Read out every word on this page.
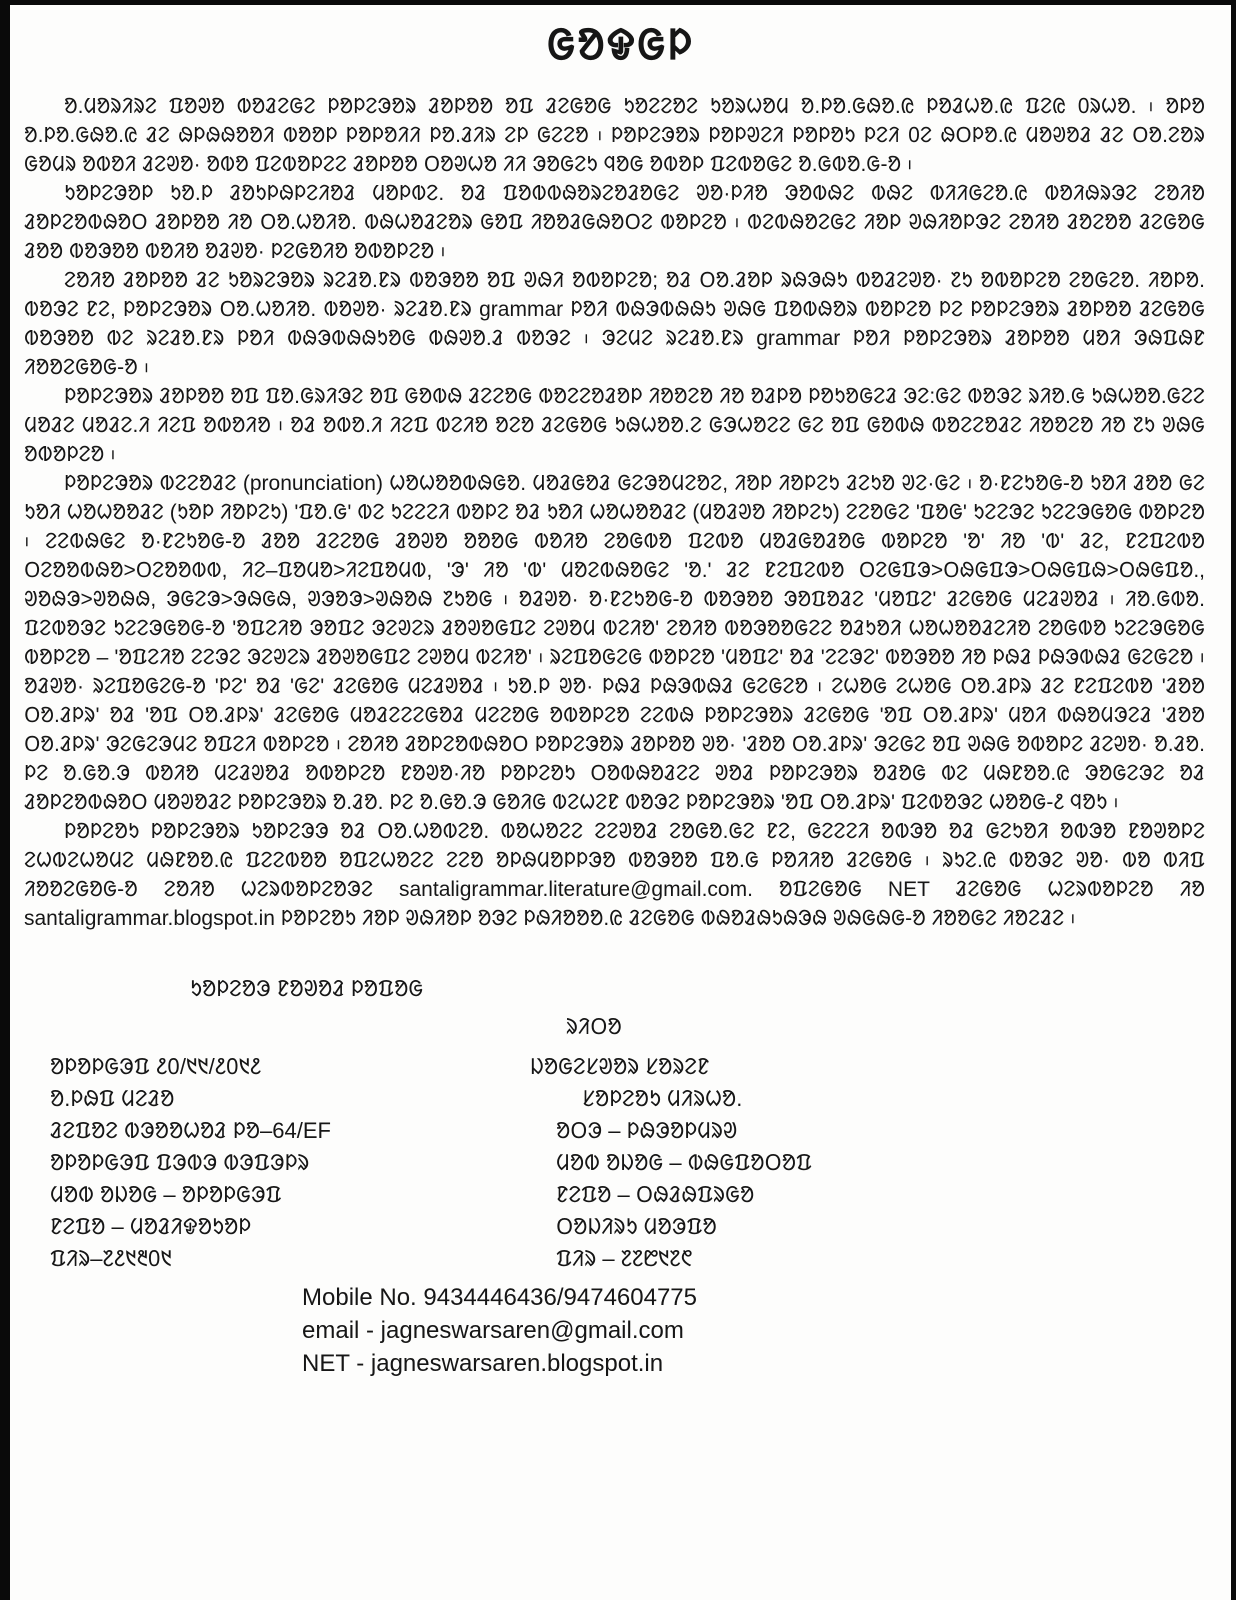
ᱜᱚᱫᱜᱞ

ᱚ.ᱢᱚᱨᱤᱨᱮ ᱯᱚᱣᱚ ᱵᱚᱲᱮᱜᱮ ᱞᱚᱞᱮᱳᱚᱨ ᱲᱚᱞᱚᱚ ᱚᱯ ᱲᱮᱜᱚᱜ ᱩᱚᱮᱮᱚᱮ ᱩᱚᱨᱦᱚᱢ ᱚ.ᱞᱚ.ᱜᱷᱚ.ᱭ ᱞᱚᱲᱦᱚ.ᱭ ᱯᱮᱭ ᱐ᱨᱦᱚ. ᱾ ᱚᱞᱚ ᱚ.ᱞᱚ.ᱜᱷᱚ.ᱭ ᱲᱮ ᱷᱞᱷᱷᱚᱚᱤ ᱵᱚᱚᱞ ᱞᱚᱞᱚᱤᱤ ᱞᱚ.ᱲᱤᱨ ᱮᱞ ᱜᱮᱮᱚ ᱾ ᱞᱚᱞᱮᱳᱚᱨ ᱞᱚᱞᱣᱮᱤ ᱞᱚᱞᱚᱩ ᱞᱮᱤ ᱐ᱮ ᱷᱛᱞᱚ.ᱭ ᱢᱚᱣᱚᱲ ᱲᱮ ᱛᱚ.ᱮᱚᱨ ᱜᱚᱢᱨ ᱚᱵᱚᱤ ᱲᱮᱣᱚ· ᱚᱵᱚ ᱯᱮᱵᱚᱞᱮᱮ ᱲᱚᱞᱚᱚ ᱛᱚᱣᱦᱚ ᱤᱤ ᱳᱚᱜᱮᱩ ᱧᱚᱜ ᱚᱵᱚᱞ ᱯᱮᱵᱚᱜᱮ ᱚ.ᱜᱵᱚ.ᱜ-ᱚ ᱾

ᱩᱚᱞᱮᱳᱚᱞ ᱩᱚ.ᱞ ᱲᱚᱩᱞᱷᱞᱮᱤᱚᱲ ᱢᱚᱞᱵᱮ. ᱚᱲ ᱯᱚᱵᱵᱷᱚᱨᱮᱚᱲᱚᱜᱮ ᱣᱚ·ᱞᱤᱚ ᱳᱚᱵᱷᱮ ᱵᱷᱮ ᱵᱤᱤᱜᱮᱚ.ᱭ ᱵᱚᱤᱷᱨᱳᱮ ᱮᱚᱤᱚ ᱲᱚᱞᱮᱚᱵᱷᱚᱛ ᱲᱚᱞᱚᱚ ᱤᱚ ᱛᱚ.ᱦᱚᱤᱚ. ᱵᱷᱦᱚᱲᱮᱚᱨ ᱜᱚᱯ ᱤᱚᱚᱲᱜᱷᱚᱛᱮ ᱵᱚᱞᱮᱚ ᱾ ᱵᱮᱵᱷᱚᱮᱜᱮ ᱤᱚᱞ ᱣᱷᱤᱚᱞᱳᱮ ᱮᱚᱤᱚ ᱲᱚᱮᱚᱚ ᱲᱮᱜᱚᱜ ᱲᱚᱚ ᱵᱚᱳᱚᱚ ᱵᱚᱤᱚ ᱚᱲᱣᱚ· ᱞᱮᱜᱚᱤᱚ ᱚᱵᱚᱞᱮᱚ ᱾

ᱮᱚᱤᱚ ᱲᱚᱞᱚᱚ ᱲᱮ ᱩᱚᱨᱮᱳᱚᱨ ᱨᱮᱲᱚ.ᱱᱨ ᱵᱚᱳᱚᱚ ᱚᱯ ᱣᱷᱤ ᱚᱵᱚᱞᱮᱚ; ᱚᱲ ᱛᱚ.ᱲᱚᱞ ᱨᱷᱳᱷᱩ ᱵᱚᱲᱮᱣᱚ· ᱗ᱩ ᱚᱵᱚᱞᱮᱚ ᱮᱚᱜᱮᱚ. ᱤᱚᱞᱚ. ᱵᱚᱳᱮ ᱱᱮ, ᱞᱚᱞᱮᱳᱚᱨ ᱛᱚ.ᱦᱚᱤᱚ. ᱵᱚᱣᱚ· ᱨᱮᱲᱚ.ᱱᱨ grammar ᱞᱚᱤ ᱵᱷᱳᱵᱷᱷᱩ ᱣᱷᱜ ᱯᱚᱵᱷᱚᱨ ᱵᱚᱞᱮᱚ ᱞᱮ ᱞᱚᱞᱮᱳᱚᱨ ᱲᱚᱞᱚᱚ ᱲᱮᱜᱚᱜ ᱵᱚᱳᱚᱚ ᱵᱮ ᱨᱮᱲᱚ.ᱱᱨ ᱞᱚᱤ ᱵᱷᱳᱵᱷᱷᱩᱚᱜ ᱵᱷᱣᱚ.ᱲ ᱵᱚᱳᱮ ᱾ ᱳᱮᱢᱮ ᱨᱮᱲᱚ.ᱱᱨ grammar ᱞᱚᱤ ᱞᱚᱞᱮᱳᱚᱨ ᱲᱚᱞᱚᱚ ᱢᱚᱤ ᱳᱷᱯᱷᱱ ᱤᱚᱚᱮᱜᱚᱜ-ᱚ ᱾

ᱞᱚᱞᱮᱳᱚᱨ ᱲᱚᱞᱚᱚ ᱚᱯ ᱯᱚ.ᱜᱨᱤᱳᱮ ᱚᱯ ᱜᱚᱵᱷ ᱲᱮᱮᱚᱜ ᱵᱚᱮᱮᱚᱲᱚᱞ ᱤᱚᱚᱮᱚ ᱤᱚ ᱚᱲᱞᱚ ᱞᱚᱩᱚᱜᱮᱲ ᱳᱮ:ᱜᱮ ᱵᱚᱳᱮ ᱨᱤᱚ.ᱜ ᱩᱷᱦᱚᱚ.ᱜᱮᱮ ᱢᱚᱲᱮ ᱢᱚᱲᱮ.ᱤ ᱤᱮᱯ ᱚᱵᱚᱤᱚ ᱾ ᱚᱲ ᱚᱵᱚ.ᱤ ᱤᱮᱯ ᱵᱮᱤᱚ ᱚᱮᱚ ᱲᱮᱜᱚᱜ ᱩᱷᱦᱚᱚ.ᱮ ᱜᱳᱦᱚᱮᱮ ᱜᱮ ᱚᱯ ᱜᱚᱵᱷ ᱵᱚᱮᱮᱚᱲᱮ ᱤᱚᱚᱮᱚ ᱤᱚ ᱗ᱩ ᱣᱷᱜ ᱚᱵᱚᱞᱮᱚ ᱾

ᱞᱚᱞᱮᱳᱚᱨ ᱵᱮᱮᱚᱲᱮ (pronunciation) ᱦᱚᱦᱚᱚᱵᱷᱜᱚ. ᱢᱚᱲᱜᱚᱲ ᱜᱮᱳᱚᱢᱮᱚᱮ, ᱤᱚᱞ ᱤᱚᱞᱮᱩ ᱲᱮᱩᱚ ᱣᱮ·ᱜᱮ ᱾ ᱚ·ᱱᱮᱩᱚᱜ-ᱚ ᱩᱚᱤ ᱲᱚᱚ ᱜᱮ ᱩᱚᱤ ᱦᱚᱦᱚᱚᱲᱮ (ᱩᱚᱞ ᱤᱚᱞᱮᱩ) 'ᱯᱚ.ᱜ' ᱵᱮ ᱩᱮᱮᱮᱤ ᱵᱚᱞᱮ ᱚᱲ ᱩᱚᱤ ᱦᱚᱦᱚᱚᱲᱮ (ᱢᱚᱲᱣᱚ ᱤᱚᱞᱮᱩ) ᱮᱮᱚᱜᱮ 'ᱯᱚᱜ' ᱩᱮᱮᱳᱮ ᱩᱮᱮᱳᱜᱚᱜ ᱵᱚᱞᱮᱚ ᱾ ᱮᱮᱵᱷᱜᱮ ᱚ·ᱱᱮᱩᱚᱜ-ᱚ ᱲᱚᱚ ᱲᱮᱮᱚᱜ ᱲᱚᱣᱚ ᱚᱚᱚᱜ ᱵᱚᱤᱚ ᱮᱚᱜᱵᱚ ᱯᱮᱵᱚ ᱢᱚᱲᱜᱚᱲᱚᱜ ᱵᱚᱞᱮᱚ 'ᱚ' ᱤᱚ 'ᱵ' ᱲᱮ, ᱱᱮᱯᱮᱵᱚ ᱛᱮᱚᱚᱵᱷᱚ>ᱛᱮᱚᱚᱵᱵ, ᱤᱮ–ᱯᱚᱢᱚ>ᱤᱮᱯᱚᱢᱵ, 'ᱳ' ᱤᱚ 'ᱵ' ᱢᱚᱮᱵᱷᱚᱜᱮ 'ᱚ.' ᱲᱮ ᱱᱮᱯᱮᱵᱚ ᱛᱮᱜᱯᱳ>ᱛᱷᱜᱯᱳ>ᱛᱷᱜᱯᱷ>ᱛᱷᱜᱯᱚ., ᱣᱚᱷᱳ>ᱣᱚᱷᱷ, ᱳᱜᱮᱳ>ᱳᱷᱜᱷ, ᱣᱳᱚᱳ>ᱣᱷᱚᱷ ᱗ᱩᱚᱜ ᱾ ᱚᱲᱣᱚ· ᱚ·ᱱᱮᱩᱚᱜ-ᱚ ᱵᱚᱳᱚᱚ ᱳᱚᱯᱚᱲᱮ 'ᱢᱚᱯᱮ' ᱲᱮᱜᱚᱜ ᱢᱮᱲᱣᱚᱲ ᱾ ᱤᱚ.ᱜᱵᱚ. ᱯᱮᱵᱚᱳᱮ ᱩᱮᱮᱳᱜᱚᱜ-ᱚ 'ᱚᱯᱮᱤᱚ ᱳᱚᱯᱮ ᱳᱮᱣᱮᱨ ᱲᱚᱣᱚᱜᱯᱮ ᱮᱣᱚᱢ ᱵᱮᱤᱚ' ᱮᱚᱤᱚ ᱵᱚᱳᱚᱚᱜᱮᱮ ᱚᱲᱩᱚᱤ ᱦᱚᱦᱚᱚᱲᱮᱤᱚ ᱮᱚᱜᱵᱚ ᱩᱮᱮᱳᱜᱚᱜ ᱵᱚᱞᱮᱚ – 'ᱚᱯᱮᱤᱚ ᱮᱮᱳᱮ ᱳᱮᱣᱮᱨ ᱲᱚᱣᱚᱜᱯᱮ ᱮᱣᱚᱢ ᱵᱮᱤᱚ' ᱾ ᱨᱮᱯᱚᱜᱮᱜ ᱵᱚᱞᱮᱚ 'ᱢᱚᱯᱮ' ᱚᱲ 'ᱮᱮᱳᱮ' ᱵᱚᱳᱚᱚ ᱤᱚ ᱞᱷᱲ ᱞᱷᱳᱵᱷᱲ ᱜᱮᱜᱮᱚ ᱾ ᱚᱲᱣᱚ· ᱨᱮᱯᱚᱜᱮᱜ-ᱚ 'ᱞᱮ' ᱚᱲ 'ᱜᱮ' ᱲᱮᱜᱚᱜ ᱢᱮᱲᱣᱚᱲ ᱾ ᱩᱚ.ᱞ ᱣᱚ· ᱞᱷᱲ ᱞᱷᱳᱵᱷᱲ ᱜᱮᱜᱮᱚ ᱾ ᱮᱦᱚᱜ ᱮᱦᱚᱜ ᱛᱚ.ᱲᱞᱨ ᱲᱮ ᱱᱮᱯᱮᱵᱚ 'ᱲᱚᱚ ᱛᱚ.ᱲᱞᱨ' ᱚᱲ 'ᱚᱯ ᱛᱚ.ᱲᱞᱨ' ᱲᱮᱜᱚᱜ ᱢᱚᱲᱮᱮᱮᱜᱚᱲ ᱢᱮᱮᱚᱜ ᱚᱵᱚᱞᱮᱚ ᱮᱮᱵᱷ ᱞᱚᱞᱮᱳᱚᱨ ᱲᱮᱜᱚᱜ 'ᱚᱯ ᱛᱚ.ᱲᱞᱨ' ᱢᱚᱤ ᱵᱷᱚᱢᱳᱮᱲ 'ᱲᱚᱚ ᱛᱚ.ᱲᱞᱨ' ᱳᱮᱜᱮᱳᱢᱮ ᱚᱯᱮᱤ ᱵᱚᱞᱮᱚ ᱾ ᱮᱚᱤᱚ ᱲᱚᱞᱮᱚᱵᱷᱚᱛ ᱞᱚᱞᱮᱳᱚᱨ ᱲᱚᱞᱚᱚ ᱣᱚ· 'ᱲᱚᱚ ᱛᱚ.ᱲᱞᱨ' ᱳᱮᱜᱮ ᱚᱯ ᱣᱷᱜ ᱚᱵᱚᱞᱮ ᱲᱮᱣᱚ· ᱚ.ᱲᱚ. ᱞᱮ ᱚ.ᱜᱚ.ᱳ ᱵᱚᱤᱚ ᱢᱮᱲᱣᱚᱲ ᱚᱵᱚᱞᱮᱚ ᱱᱚᱣᱚ·ᱤᱚ ᱞᱚᱞᱮᱚᱩ ᱛᱚᱵᱷᱚᱲᱮᱮ ᱣᱚᱲ ᱞᱚᱞᱮᱳᱚᱨ ᱚᱲᱚᱜ ᱵᱮ ᱢᱷᱱᱚᱚ.ᱭ ᱳᱚᱜᱮᱳᱮ ᱚᱲ ᱲᱚᱞᱮᱚᱵᱷᱚᱛ ᱢᱚᱣᱚᱲᱮ ᱞᱚᱞᱮᱳᱚᱨ ᱚ.ᱲᱚ. ᱞᱮ ᱚ.ᱜᱚ.ᱳ ᱜᱚᱤᱜ ᱵᱮᱦᱮᱱ ᱵᱚᱳᱮ ᱞᱚᱞᱮᱳᱚᱨ 'ᱚᱯ ᱛᱚ.ᱲᱞᱨ' ᱯᱮᱵᱚᱳᱮ ᱦᱚᱚᱜ-᱒ ᱧᱚᱩ ᱾

ᱞᱚᱞᱮᱚᱩ ᱞᱚᱞᱮᱳᱚᱨ ᱩᱚᱞᱮᱳᱳ ᱚᱲ ᱛᱚ.ᱦᱚᱵᱮᱚ. ᱵᱚᱦᱚᱮᱮ ᱮᱮᱣᱚᱲ ᱮᱚᱜᱚ.ᱜᱮ ᱱᱮ, ᱜᱮᱮᱮᱤ ᱚᱵᱳᱚ ᱚᱲ ᱜᱮᱩᱚᱤ ᱚᱵᱳᱚ ᱱᱚᱣᱚᱞᱮ ᱮᱦᱵᱮᱦᱚᱢᱮ ᱢᱷᱱᱚᱚ.ᱭ ᱯᱮᱮᱵᱚᱚ ᱚᱯᱮᱦᱚᱮᱮ ᱮᱮᱚ ᱚᱞᱷᱢᱚᱞᱞᱳᱚ ᱵᱚᱳᱚᱚ ᱯᱚ.ᱜ ᱞᱚᱤᱤᱚ ᱲᱮᱜᱚᱜ ᱾ ᱨᱩᱮ.ᱭ ᱵᱚᱳᱮ ᱣᱚ· ᱵᱚ ᱵᱤᱯ ᱤᱚᱚᱮᱜᱚᱜ-ᱚ ᱮᱚᱤᱚ ᱦᱮᱨᱵᱚᱞᱮᱚᱳᱮ santaligrammar.literature@gmail.com. ᱚᱯᱮᱜᱚᱜ NET ᱲᱮᱜᱚᱜ ᱦᱮᱨᱵᱚᱞᱮᱚ ᱤᱚ santaligrammar.blogspot.in ᱞᱚᱞᱮᱚᱩ ᱤᱚᱞ ᱣᱷᱤᱚᱞ ᱚᱳᱮ ᱞᱷᱤᱚᱚᱚ.ᱭ ᱲᱮᱜᱚᱜ ᱵᱷᱚᱲᱷᱩᱷᱳᱷ ᱣᱷᱜᱷᱜ-ᱚ ᱤᱚᱚᱜᱮ ᱤᱚᱮᱲᱮ ᱾

ᱩᱚᱞᱮᱚᱳ ᱱᱚᱣᱚᱲ ᱞᱚᱯᱚᱜ
ᱨᱤᱛᱚ
ᱚᱞᱚᱞᱜᱳᱯ ᱒᱐/᱑᱑/᱒᱐᱑᱒
ᱚ.ᱞᱷᱯ ᱢᱮᱲᱚ
ᱲᱮᱯᱚᱮ ᱵᱳᱚᱚᱦᱚᱲ ᱞᱚ–64/EF
ᱚᱞᱚᱞᱜᱳᱯ ᱯᱳᱵᱳ ᱵᱳᱯᱳᱞᱨ
ᱢᱚᱵ ᱚᱡᱚᱜ – ᱚᱞᱚᱞᱜᱳᱯ
ᱱᱮᱯᱚ – ᱢᱚᱲᱤᱫᱚᱩᱚᱞ
ᱯᱤᱨ–᱗᱒᱑᱓᱐᱑
ᱡᱚᱜᱮᱥᱣᱚᱨ ᱥᱚᱨᱮᱱ
ᱥᱚᱞᱮᱚᱩ ᱢᱤᱨᱦᱚ.
ᱚᱛᱳ – ᱞᱷᱳᱚᱞᱢᱨᱣ
ᱢᱚᱵ ᱚᱡᱚᱜ – ᱵᱷᱜᱯᱚᱛᱚᱯ
ᱱᱮᱯᱚ – ᱛᱷᱲᱷᱯᱨᱜᱚ
ᱛᱚᱡᱤᱨᱩ ᱢᱚᱳᱯᱚ
ᱯᱤᱨ – ᱗᱗᱘᱑᱗᱖
Mobile No. 9434446436/9474604775
email - jagneswarsaren@gmail.com
NET - jagneswarsaren.blogspot.in
